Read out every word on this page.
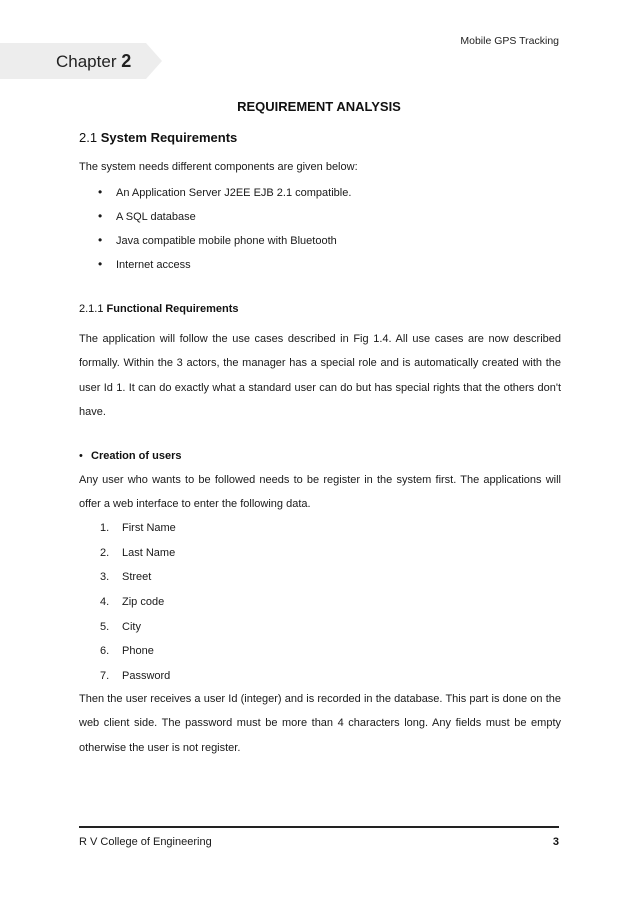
Mobile GPS Tracking
Chapter 2
REQUIREMENT ANALYSIS
2.1 System Requirements
The system needs different components are given below:
• An Application Server J2EE EJB 2.1 compatible.
• A SQL database
• Java compatible mobile phone with Bluetooth
• Internet access
2.1.1 Functional Requirements
The application will follow the use cases described in Fig 1.4. All use cases are now described formally. Within the 3 actors, the manager has a special role and is automatically created with the user Id 1. It can do exactly what a standard user can do but has special rights that the others don't have.
• Creation of users
Any user who wants to be followed needs to be register in the system first. The applications will offer a web interface to enter the following data.
1. First Name
2. Last Name
3. Street
4. Zip code
5. City
6. Phone
7. Password
Then the user receives a user Id (integer) and is recorded in the database. This part is done on the web client side. The password must be more than 4 characters long. Any fields must be empty otherwise the user is not register.
R V College of Engineering	3
